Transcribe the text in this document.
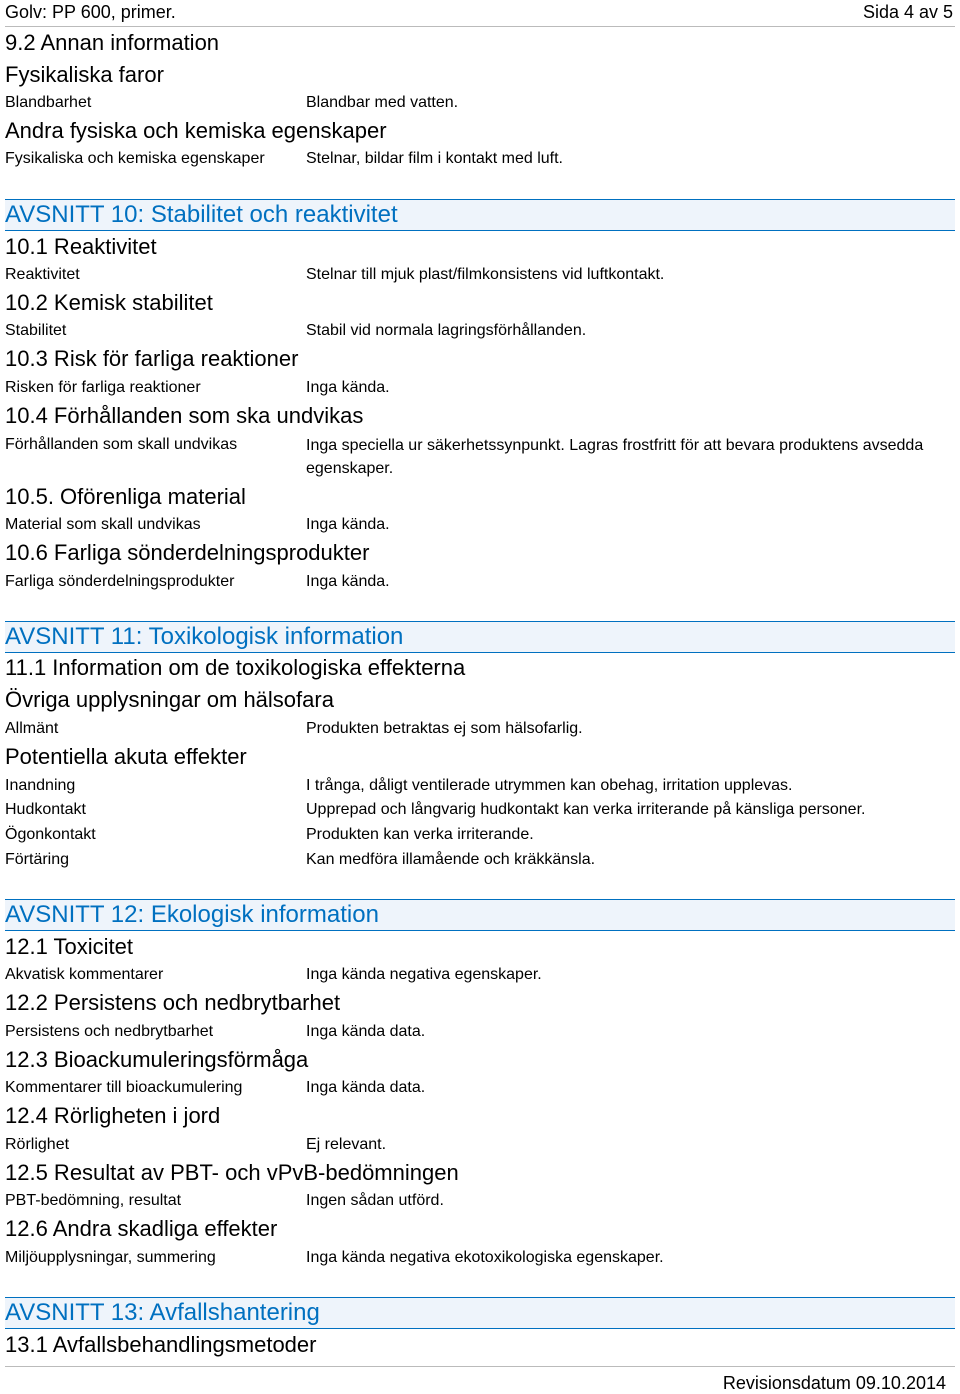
Golv: PP 600, primer.	Sida 4 av 5
9.2 Annan information
Fysikaliska faror
Blandbarhet	Blandbar med vatten.
Andra fysiska och kemiska egenskaper
Fysikaliska och kemiska egenskaper	Stelnar, bildar film i kontakt med luft.
AVSNITT 10: Stabilitet och reaktivitet
10.1 Reaktivitet
Reaktivitet	Stelnar till mjuk plast/filmkonsistens vid luftkontakt.
10.2 Kemisk stabilitet
Stabilitet	Stabil vid normala lagringsförhållanden.
10.3 Risk för farliga reaktioner
Risken för farliga reaktioner	Inga kända.
10.4 Förhållanden som ska undvikas
Förhållanden som skall undvikas	Inga speciella ur säkerhetssynpunkt. Lagras frostfritt för att bevara produktens avsedda egenskaper.
10.5. Oförenliga material
Material som skall undvikas	Inga kända.
10.6 Farliga sönderdelningsprodukter
Farliga sönderdelningsprodukter	Inga kända.
AVSNITT 11: Toxikologisk information
11.1 Information om de toxikologiska effekterna
Övriga upplysningar om hälsofara
Allmänt	Produkten betraktas ej som hälsofarlig.
Potentiella akuta effekter
Inandning	I trånga, dåligt ventilerade utrymmen kan obehag, irritation upplevas.
Hudkontakt	Upprepad och långvarig hudkontakt kan verka irriterande på känsliga personer.
Ögonkontakt	Produkten kan verka irriterande.
Förtäring	Kan medföra illamående och kräkkänsla.
AVSNITT 12: Ekologisk information
12.1 Toxicitet
Akvatisk kommentarer	Inga kända negativa egenskaper.
12.2 Persistens och nedbrytbarhet
Persistens och nedbrytbarhet	Inga kända data.
12.3 Bioackumuleringsförmåga
Kommentarer till bioackumulering	Inga kända data.
12.4 Rörligheten i jord
Rörlighet	Ej relevant.
12.5 Resultat av PBT- och vPvB-bedömningen
PBT-bedömning, resultat	Ingen sådan utförd.
12.6 Andra skadliga effekter
Miljöupplysningar, summering	Inga kända negativa ekotoxikologiska egenskaper.
AVSNITT 13: Avfallshantering
13.1 Avfallsbehandlingsmetoder
Revisionsdatum 09.10.2014
